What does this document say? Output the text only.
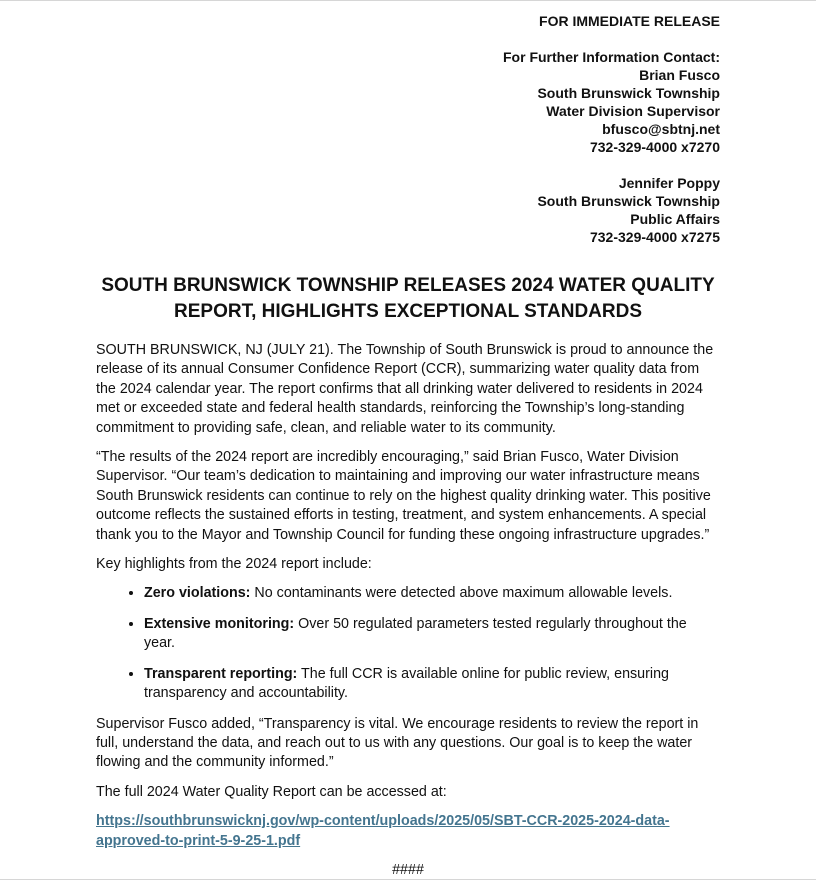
FOR IMMEDIATE RELEASE
For Further Information Contact:
Brian Fusco
South Brunswick Township
Water Division Supervisor
bfusco@sbtnj.net
732-329-4000 x7270
Jennifer Poppy
South Brunswick Township
Public Affairs
732-329-4000 x7275
SOUTH BRUNSWICK TOWNSHIP RELEASES 2024 WATER QUALITY REPORT, HIGHLIGHTS EXCEPTIONAL STANDARDS

SOUTH BRUNSWICK, NJ (JULY 21). The Township of South Brunswick is proud to announce the release of its annual Consumer Confidence Report (CCR), summarizing water quality data from the 2024 calendar year. The report confirms that all drinking water delivered to residents in 2024 met or exceeded state and federal health standards, reinforcing the Township’s long-standing commitment to providing safe, clean, and reliable water to its community.

“The results of the 2024 report are incredibly encouraging,” said Brian Fusco, Water Division Supervisor. “Our team’s dedication to maintaining and improving our water infrastructure means South Brunswick residents can continue to rely on the highest quality drinking water. This positive outcome reflects the sustained efforts in testing, treatment, and system enhancements. A special thank you to the Mayor and Township Council for funding these ongoing infrastructure upgrades.”

Key highlights from the 2024 report include:

• Zero violations: No contaminants were detected above maximum allowable levels.
• Extensive monitoring: Over 50 regulated parameters tested regularly throughout the year.
• Transparent reporting: The full CCR is available online for public review, ensuring transparency and accountability.

Supervisor Fusco added, “Transparency is vital. We encourage residents to review the report in full, understand the data, and reach out to us with any questions. Our goal is to keep the water flowing and the community informed.”

The full 2024 Water Quality Report can be accessed at:

https://southbrunswicknj.gov/wp-content/uploads/2025/05/SBT-CCR-2025-2024-data-approved-to-print-5-9-25-1.pdf

####
